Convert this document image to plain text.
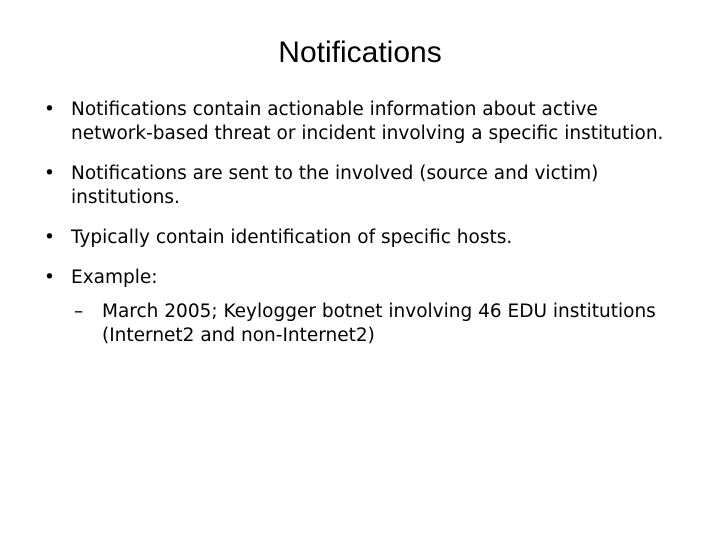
Notifications
• Notifications contain actionable information about active network-based threat or incident involving a specific institution.
• Notifications are sent to the involved (source and victim) institutions.
• Typically contain identification of specific hosts.
• Example:
–	March 2005; Keylogger botnet involving 46 EDU institutions (Internet2 and non-Internet2)
